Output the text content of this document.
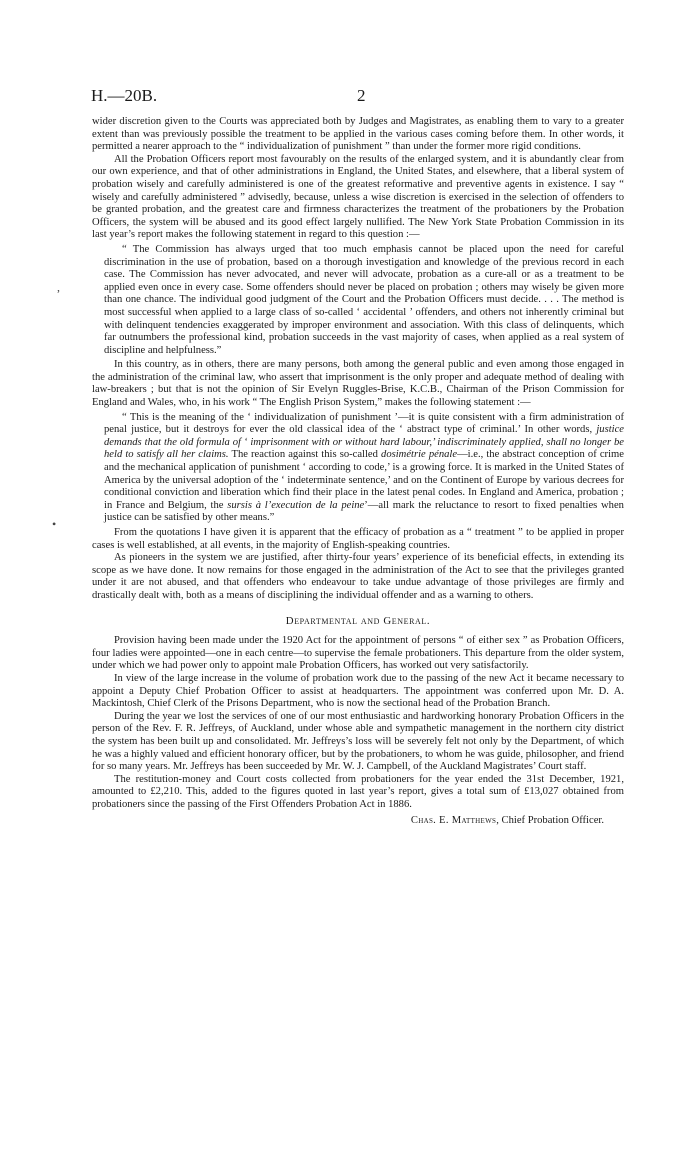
H.—20B.	2
,
•

wider discretion given to the Courts was appreciated both by Judges and Magistrates, as enabling them to vary to a greater extent than was previously possible the treatment to be applied in the various cases coming before them. In other words, it permitted a nearer approach to the “ individualization of punishment ” than under the former more rigid conditions.

All the Probation Officers report most favourably on the results of the enlarged system, and it is abundantly clear from our own experience, and that of other administrations in England, the United States, and elsewhere, that a liberal system of probation wisely and carefully administered is one of the greatest reformative and preventive agents in existence. I say “ wisely and carefully administered ” advisedly, because, unless a wise discretion is exercised in the selection of offenders to be granted probation, and the greatest care and firmness characterizes the treatment of the probationers by the Probation Officers, the system will be abused and its good effect largely nullified. The New York State Probation Commission in its last year’s report makes the following statement in regard to this question :—

“ The Commission has always urged that too much emphasis cannot be placed upon the need for careful discrimination in the use of probation, based on a thorough investigation and knowledge of the previous record in each case. The Commission has never advocated, and never will advocate, probation as a cure-all or as a treatment to be applied even once in every case. Some offenders should never be placed on probation ; others may wisely be given more than one chance. The individual good judgment of the Court and the Probation Officers must decide. . . . The method is most successful when applied to a large class of so-called ‘ accidental ’ offenders, and others not inherently criminal but with delinquent tendencies exaggerated by improper environment and association. With this class of delinquents, which far outnumbers the professional kind, probation succeeds in the vast majority of cases, when applied as a real system of discipline and helpfulness.”

In this country, as in others, there are many persons, both among the general public and even among those engaged in the administration of the criminal law, who assert that imprisonment is the only proper and adequate method of dealing with law-breakers ; but that is not the opinion of Sir Evelyn Ruggles-Brise, K.C.B., Chairman of the Prison Commission for England and Wales, who, in his work “ The English Prison System,” makes the following statement :—

“ This is the meaning of the ‘ individualization of punishment ’—it is quite consistent with a firm administration of penal justice, but it destroys for ever the old classical idea of the ‘ abstract type of criminal.’ In other words, justice demands that the old formula of ‘ imprisonment with or without hard labour,’ indiscriminately applied, shall no longer be held to satisfy all her claims. The reaction against this so-called dosimétrie pénale—i.e., the abstract conception of crime and the mechanical application of punishment ‘ according to code,’ is a growing force. It is marked in the United States of America by the universal adoption of the ‘ indeterminate sentence,’ and on the Continent of Europe by various decrees for conditional conviction and liberation which find their place in the latest penal codes. In England and America, probation ; in France and Belgium, the sursis à l’execution de la peine’—all mark the reluctance to resort to fixed penalties when justice can be satisfied by other means.”

From the quotations I have given it is apparent that the efficacy of probation as a “ treatment ” to be applied in proper cases is well established, at all events, in the majority of English-speaking countries.

As pioneers in the system we are justified, after thirty-four years’ experience of its beneficial effects, in extending its scope as we have done. It now remains for those engaged in the administration of the Act to see that the privileges granted under it are not abused, and that offenders who endeavour to take undue advantage of those privileges are firmly and drastically dealt with, both as a means of disciplining the individual offender and as a warning to others.

Departmental and General.

Provision having been made under the 1920 Act for the appointment of persons “ of either sex ” as Probation Officers, four ladies were appointed—one in each centre—to supervise the female probationers. This departure from the older system, under which we had power only to appoint male Probation Officers, has worked out very satisfactorily.

In view of the large increase in the volume of probation work due to the passing of the new Act it became necessary to appoint a Deputy Chief Probation Officer to assist at headquarters. The appointment was conferred upon Mr. D. A. Mackintosh, Chief Clerk of the Prisons Department, who is now the sectional head of the Probation Branch.

During the year we lost the services of one of our most enthusiastic and hardworking honorary Probation Officers in the person of the Rev. F. R. Jeffreys, of Auckland, under whose able and sympathetic management in the northern city district the system has been built up and consolidated. Mr. Jeffreys’s loss will be severely felt not only by the Department, of which he was a highly valued and efficient honorary officer, but by the probationers, to whom he was guide, philosopher, and friend for so many years. Mr. Jeffreys has been succeeded by Mr. W. J. Campbell, of the Auckland Magistrates’ Court staff.

The restitution-money and Court costs collected from probationers for the year ended the 31st December, 1921, amounted to £2,210. This, added to the figures quoted in last year’s report, gives a total sum of £13,027 obtained from probationers since the passing of the First Offenders Probation Act in 1886.

Chas. E. Matthews, Chief Probation Officer.
